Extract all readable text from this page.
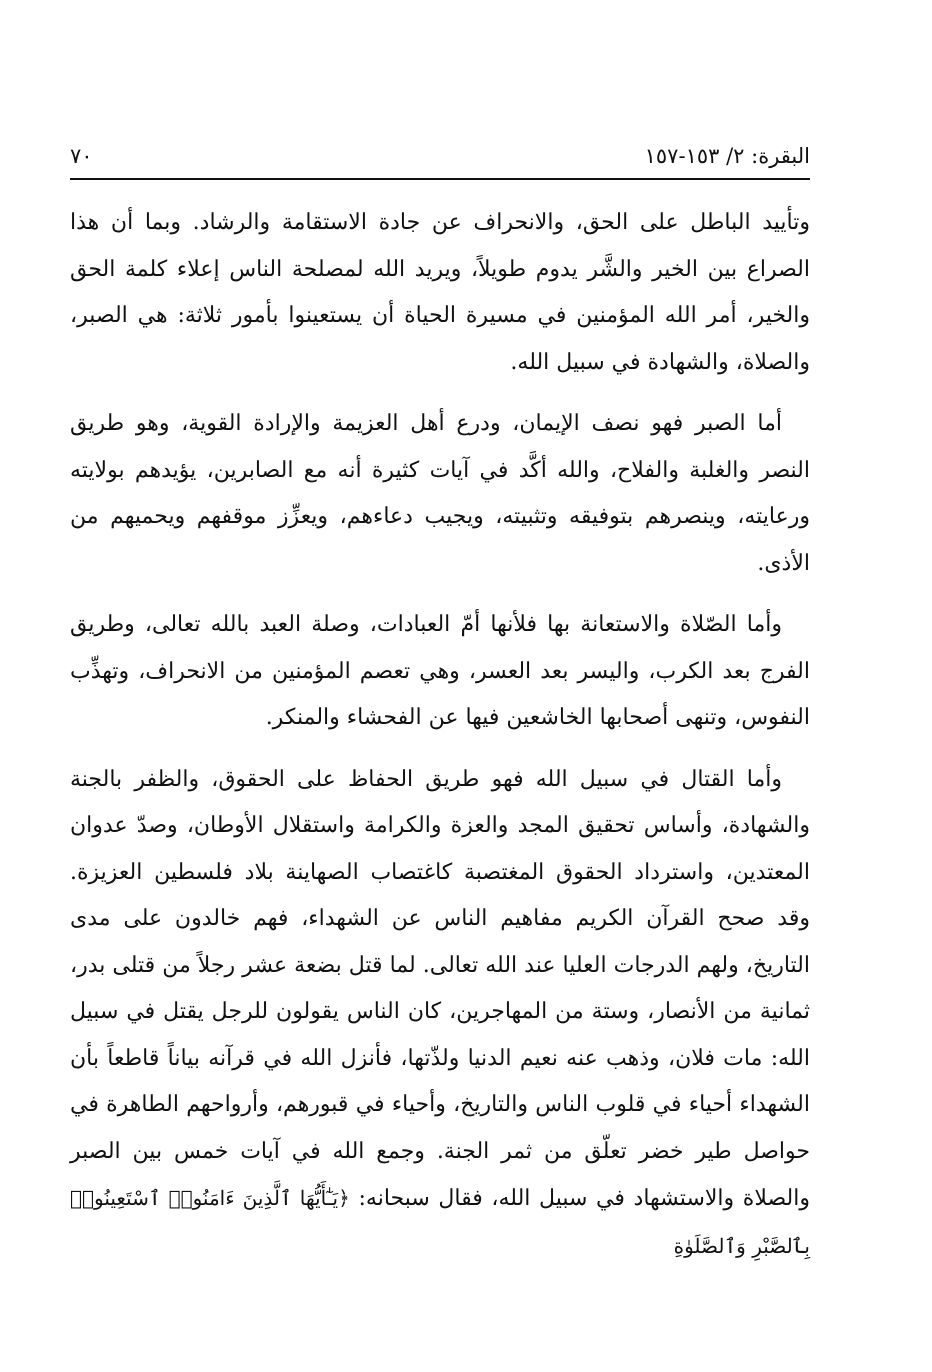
البقرة: ٢/ ١٥٣-١٥٧
٧٠

وتأييد الباطل على الحق، والانحراف عن جادة الاستقامة والرشاد. وبما أن هذا الصراع بين الخير والشَّر يدوم طويلاً، ويريد الله لمصلحة الناس إعلاء كلمة الحق والخير، أمر الله المؤمنين في مسيرة الحياة أن يستعينوا بأمور ثلاثة: هي الصبر، والصلاة، والشهادة في سبيل الله.

أما الصبر فهو نصف الإيمان، ودرع أهل العزيمة والإرادة القوية، وهو طريق النصر والغلبة والفلاح، والله أكَّد في آيات كثيرة أنه مع الصابرين، يؤيدهم بولايته ورعايته، وينصرهم بتوفيقه وتثبيته، ويجيب دعاءهم، ويعزِّز موقفهم ويحميهم من الأذى.

وأما الصّلاة والاستعانة بها فلأنها أمّ العبادات، وصلة العبد بالله تعالى، وطريق الفرج بعد الكرب، واليسر بعد العسر، وهي تعصم المؤمنين من الانحراف، وتهذِّب النفوس، وتنهى أصحابها الخاشعين فيها عن الفحشاء والمنكر.

وأما القتال في سبيل الله فهو طريق الحفاظ على الحقوق، والظفر بالجنة والشهادة، وأساس تحقيق المجد والعزة والكرامة واستقلال الأوطان، وصدّ عدوان المعتدين، واسترداد الحقوق المغتصبة كاغتصاب الصهاينة بلاد فلسطين العزيزة. وقد صحح القرآن الكريم مفاهيم الناس عن الشهداء، فهم خالدون على مدى التاريخ، ولهم الدرجات العليا عند الله تعالى. لما قتل بضعة عشر رجلاً من قتلى بدر، ثمانية من الأنصار، وستة من المهاجرين، كان الناس يقولون للرجل يقتل في سبيل الله: مات فلان، وذهب عنه نعيم الدنيا ولذّتها، فأنزل الله في قرآنه بياناً قاطعاً بأن الشهداء أحياء في قلوب الناس والتاريخ، وأحياء في قبورهم، وأرواحهم الطاهرة في حواصل طير خضر تعلّق من ثمر الجنة. وجمع الله في آيات خمس بين الصبر والصلاة والاستشهاد في سبيل الله، فقال سبحانه: ﴿يَـٰٓأَيُّهَا ٱلَّذِينَ ءَامَنُوا۟ ٱسْتَعِينُوا۟ بِٱلصَّبْرِ وَٱلصَّلَوٰةِ
